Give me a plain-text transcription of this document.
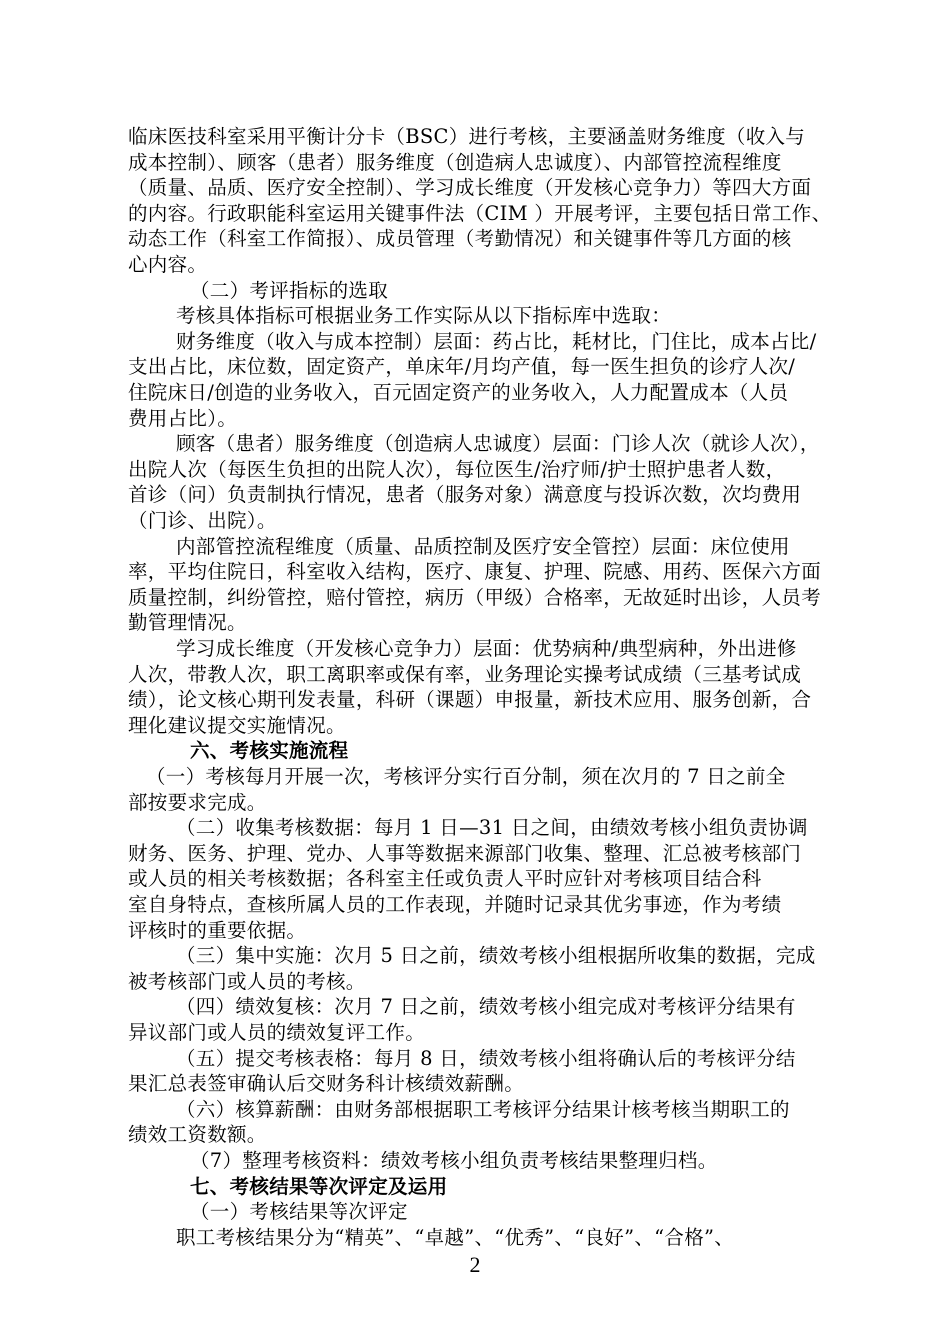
临床医技科室采用平衡计分卡（BSC）进行考核，主要涵盖财务维度（收入与
成本控制）、顾客（患者）服务维度（创造病人忠诚度）、内部管控流程维度
（质量、品质、医疗安全控制）、学习成长维度（开发核心竞争力）等四大方面
的内容。行政职能科室运用关键事件法（CIM ）开展考评，主要包括日常工作、
动态工作（科室工作简报）、成员管理（考勤情况）和关键事件等几方面的核
心内容。
（二）考评指标的选取
考核具体指标可根据业务工作实际从以下指标库中选取：
财务维度（收入与成本控制）层面：药占比，耗材比，门住比，成本占比/
支出占比，床位数，固定资产，单床年/月均产值，每一医生担负的诊疗人次/
住院床日/创造的业务收入，百元固定资产的业务收入，人力配置成本（人员
费用占比）。
顾客（患者）服务维度（创造病人忠诚度）层面：门诊人次（就诊人次），
出院人次（每医生负担的出院人次），每位医生/治疗师/护士照护患者人数，
首诊（问）负责制执行情况，患者（服务对象）满意度与投诉次数，次均费用
（门诊、出院）。
内部管控流程维度（质量、品质控制及医疗安全管控）层面：床位使用
率，平均住院日，科室收入结构，医疗、康复、护理、院感、用药、医保六方面
质量控制，纠纷管控，赔付管控，病历（甲级）合格率，无故延时出诊，人员考
勤管理情况。
学习成长维度（开发核心竞争力）层面：优势病种/典型病种，外出进修
人次，带教人次，职工离职率或保有率，业务理论实操考试成绩（三基考试成
绩），论文核心期刊发表量，科研（课题）申报量，新技术应用、服务创新，合
理化建议提交实施情况。
六、考核实施流程
（一）考核每月开展一次，考核评分实行百分制，须在次月的 7 日之前全
部按要求完成。
（二）收集考核数据：每月 1 日—31 日之间，由绩效考核小组负责协调
财务、医务、护理、党办、人事等数据来源部门收集、整理、汇总被考核部门
或人员的相关考核数据；各科室主任或负责人平时应针对考核项目结合科
室自身特点，查核所属人员的工作表现，并随时记录其优劣事迹，作为考绩
评核时的重要依据。
（三）集中实施：次月 5 日之前，绩效考核小组根据所收集的数据，完成
被考核部门或人员的考核。
（四）绩效复核：次月 7 日之前，绩效考核小组完成对考核评分结果有
异议部门或人员的绩效复评工作。
（五）提交考核表格：每月 8 日，绩效考核小组将确认后的考核评分结
果汇总表签审确认后交财务科计核绩效薪酬。
（六）核算薪酬：由财务部根据职工考核评分结果计核考核当期职工的
绩效工资数额。
（7）整理考核资料：绩效考核小组负责考核结果整理归档。
七、考核结果等次评定及运用
（一）考核结果等次评定
职工考核结果分为“精英”、“卓越”、“优秀”、“良好”、“合格”、
2
